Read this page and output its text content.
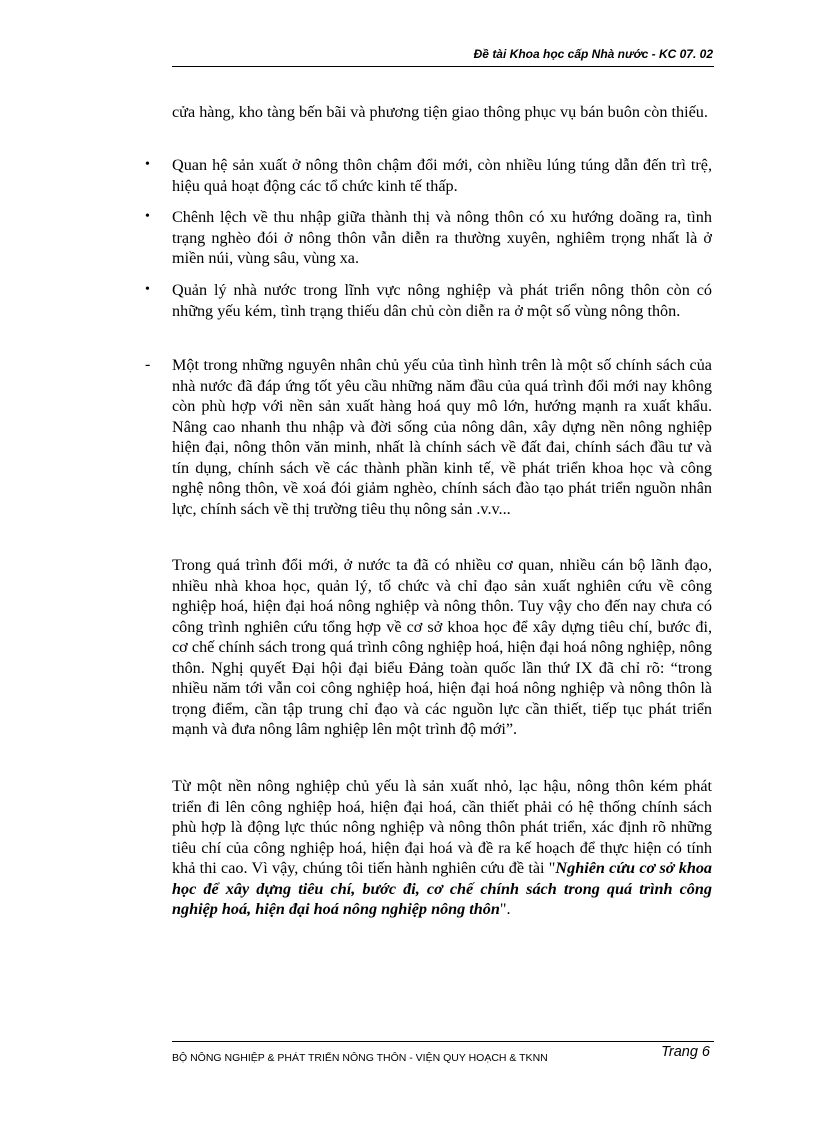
Đề tài Khoa học cấp Nhà nước - KC 07. 02
cửa hàng, kho tàng bến bãi và phương tiện giao thông phục vụ bán buôn còn thiếu.
•	Quan hệ sản xuất ở nông thôn chậm đổi mới, còn nhiều lúng túng dẫn đến trì trệ, hiệu quả hoạt động các tổ chức kinh tế thấp.
•	Chênh lệch về thu nhập giữa thành thị và nông thôn có xu hướng doãng ra, tình trạng nghèo đói ở nông thôn vẫn diễn ra thường xuyên, nghiêm trọng nhất là ở miền núi, vùng sâu, vùng xa.
•	Quản lý nhà nước trong lĩnh vực nông nghiệp và phát triển nông thôn còn có những yếu kém, tình trạng thiếu dân chủ còn diễn ra ở một số vùng nông thôn.
-	Một trong những nguyên nhân chủ yếu của tình hình trên là một số chính sách của nhà nước đã đáp ứng tốt yêu cầu những năm đầu của quá trình đổi mới nay không còn phù hợp với nền sản xuất hàng hoá quy mô lớn, hướng mạnh ra xuất khẩu. Nâng cao nhanh thu nhập và đời sống của nông dân, xây dựng nền nông nghiệp hiện đại, nông thôn văn minh, nhất là chính sách về đất đai, chính sách đầu tư và tín dụng, chính sách về các thành phần kinh tế, về phát triển khoa học và công nghệ nông thôn, về xoá đói giảm nghèo, chính sách đào tạo phát triển nguồn nhân lực, chính sách về thị trường tiêu thụ nông sản .v.v...
Trong quá trình đổi mới, ở nước ta đã có nhiều cơ quan, nhiều cán bộ lãnh đạo, nhiều nhà khoa học, quản lý, tổ chức và chỉ đạo sản xuất nghiên cứu về công nghiệp hoá, hiện đại hoá nông nghiệp và nông thôn. Tuy vậy cho đến nay chưa có công trình nghiên cứu tổng hợp về cơ sở khoa học để xây dựng tiêu chí, bước đi, cơ chế chính sách trong quá trình công nghiệp hoá, hiện đại hoá nông nghiệp, nông thôn. Nghị quyết Đại hội đại biểu Đảng toàn quốc lần thứ IX đã chỉ rõ: “trong nhiều năm tới vẫn coi công nghiệp hoá, hiện đại hoá nông nghiệp và nông thôn là trọng điểm, cần tập trung chỉ đạo và các nguồn lực cần thiết, tiếp tục phát triển mạnh và đưa nông lâm nghiệp lên một trình độ mới”.
Từ một nền nông nghiệp chủ yếu là sản xuất nhỏ, lạc hậu, nông thôn kém phát triển đi lên công nghiệp hoá, hiện đại hoá, cần thiết phải có hệ thống chính sách phù hợp là động lực thúc nông nghiệp và nông thôn phát triển, xác định rõ những tiêu chí của công nghiệp hoá, hiện đại hoá và đề ra kế hoạch để thực hiện có tính khả thi cao. Vì vậy, chúng tôi tiến hành nghiên cứu đề tài "Nghiên cứu cơ sở khoa học để xây dựng tiêu chí, bước đi, cơ chế chính sách trong quá trình công nghiệp hoá, hiện đại hoá nông nghiệp nông thôn".
BỘ NÔNG NGHIỆP & PHÁT TRIỂN NÔNG THÔN - VIỆN QUY HOẠCH & TKNN	Trang 6
